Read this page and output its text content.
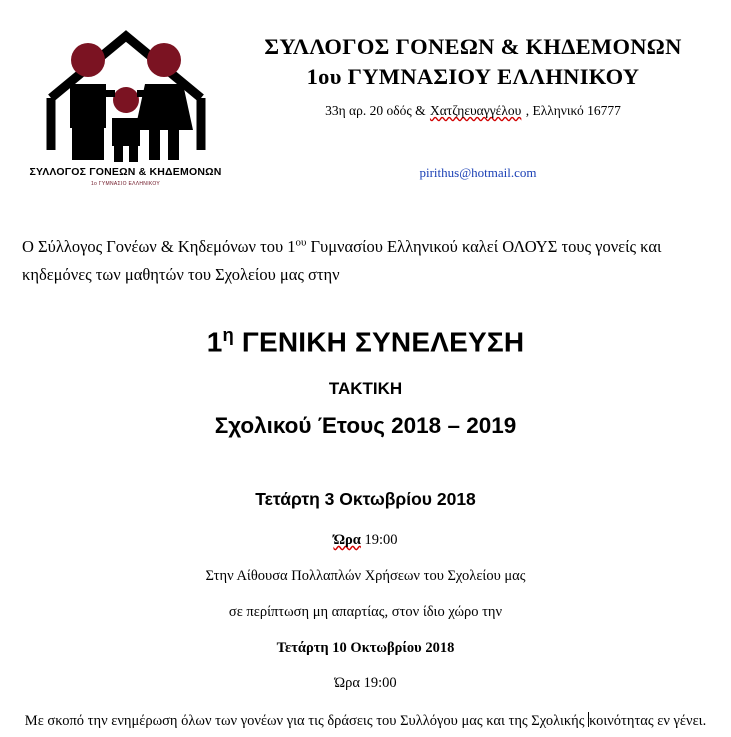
ΣΥΛΛΟΓΟΣ ΓΟΝΕΩΝ & ΚΗΔΕΜΟΝΩΝ
1ο ΓΥΜΝΑΣΙΟ ΕΛΛΗΝΙΚΟΥ
ΣΥΛΛΟΓΟΣ ΓΟΝΕΩΝ & ΚΗΔΕΜΟΝΩΝ
1ου ΓΥΜΝΑΣΙΟΥ ΕΛΛΗΝΙΚΟΥ
33η αρ. 20 οδός & Χατζηευαγγέλου , Ελληνικό 16777
pirithus@hotmail.com

Ο Σύλλογος Γονέων & Κηδεμόνων του $1^{o\upsilon}$ Γυμνασίου Ελληνικού καλεί ΟΛΟΥΣ τους γονείς και κηδεμόνες των μαθητών του Σχολείου μας στην

$1^\eta$ ΓΕΝΙΚΗ ΣΥΝΕΛΕΥΣΗ
ΤΑΚΤΙΚΗ
Σχολικού Έτους 2018 – 2019
Τετάρτη 3 Οκτωβρίου 2018
Ώρα 19:00
Στην Αίθουσα Πολλαπλών Χρήσεων του Σχολείου μας
σε περίπτωση μη απαρτίας, στον ίδιο χώρο την
Τετάρτη 10 Οκτωβρίου 2018
Ώρα 19:00
Με σκοπό την ενημέρωση όλων των γονέων για τις δράσεις του Συλλόγου μας και της Σχολικής κοινότητας εν γένει.
